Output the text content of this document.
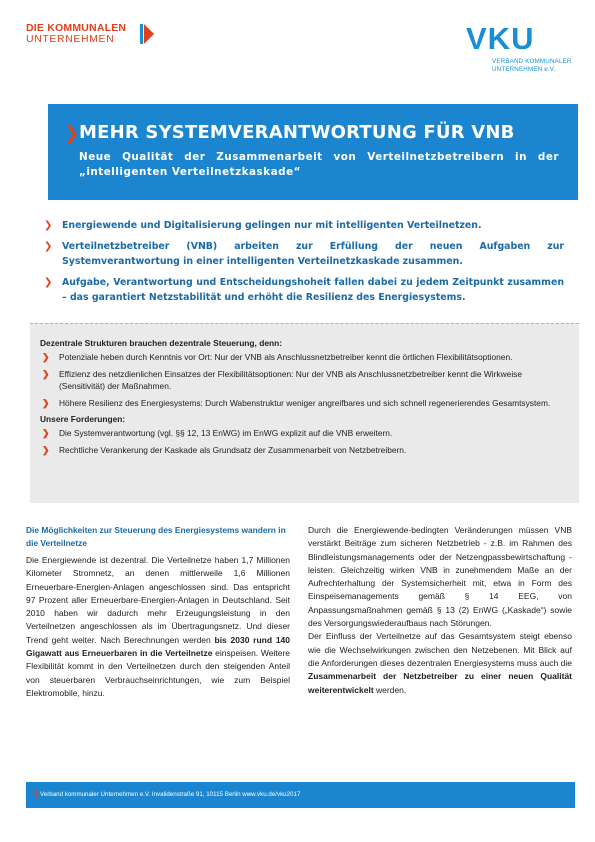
DIE KOMMUNALEN
UNTERNEHMEN	VKU
VERBAND KOMMUNALER
UNTERNEHMEN e.V.
❯ MEHR SYSTEMVERANTWORTUNG FÜR VNB

Neue Qualität der Zusammenarbeit von Verteilnetzbetreibern in der „intelligenten Verteilnetzkaskade“

❯ Energiewende und Digitalisierung gelingen nur mit intelligenten Verteilnetzen.
❯ Verteilnetzbetreiber (VNB) arbeiten zur Erfüllung der neuen Aufgaben zur Systemverantwortung in einer intelligenten Verteilnetzkaskade zusammen.
❯ Aufgabe, Verantwortung und Entscheidungshoheit fallen dabei zu jedem Zeitpunkt zusammen – das garantiert Netzstabilität und erhöht die Resilienz des Energiesystems.
Dezentrale Strukturen brauchen dezentrale Steuerung, denn:
❯ Potenziale heben durch Kenntnis vor Ort: Nur der VNB als Anschlussnetzbetreiber kennt die örtlichen Flexibilitätsoptionen.
❯ Effizienz des netzdienlichen Einsatzes der Flexibilitätsoptionen: Nur der VNB als Anschlussnetzbetreiber kennt die Wirkweise (Sensitivität) der Maßnahmen.
❯ Höhere Resilienz des Energiesystems: Durch Wabenstruktur weniger angreifbares und sich schnell regenerierendes Gesamtsystem.
Unsere Forderungen:
❯ Die Systemverantwortung (vgl. §§ 12, 13 EnWG) im EnWG explizit auf die VNB erweitern.
❯ Rechtliche Verankerung der Kaskade als Grundsatz der Zusammenarbeit von Netzbetreibern.
Die Möglichkeiten zur Steuerung des Energiesystems wandern in die Verteilnetze

Die Energiewende ist dezentral. Die Verteilnetze haben 1,7 Millionen Kilometer Stromnetz, an denen mittlerweile 1,6 Millionen Erneuerbare-Energien-Anlagen angeschlossen sind. Das entspricht 97 Prozent aller Erneuerbare-Energien-Anlagen in Deutschland. Seit 2010 haben wir dadurch mehr Erzeugungsleistung in den Verteilnetzen angeschlossen als im Übertragungsnetz. Und dieser Trend geht weiter. Nach Berechnungen werden bis 2030 rund 140 Gigawatt aus Erneuerbaren in die Verteilnetze einspeisen. Weitere Flexibilität kommt in den Verteilnetzen durch den steigenden Anteil von steuerbaren Verbrauchseinrichtungen, wie zum Beispiel Elektromobile, hinzu.

Durch die Energiewende-bedingten Veränderungen müssen VNB verstärkt Beiträge zum sicheren Netzbetrieb - z.B. im Rahmen des Blindleistungsmanagements oder der Netzengpassbewirtschaftung - leisten. Gleichzeitig wirken VNB in zunehmendem Maße an der Aufrechterhaltung der Systemsicherheit mit, etwa in Form des Einspeisemanagements gemäß § 14 EEG, von Anpassungsmaßnahmen gemäß § 13 (2) EnWG („Kaskade“) sowie des Versorgungswiederaufbaus nach Störungen.

Der Einfluss der Verteilnetze auf das Gesamtsystem steigt ebenso wie die Wechselwirkungen zwischen den Netzebenen. Mit Blick auf die Anforderungen dieses dezentralen Energiesystems muss auch die Zusammenarbeit der Netzbetreiber zu einer neuen Qualität weiterentwickelt werden.

❯ Verband kommunaler Unternehmen e.V. Invalidenstraße 91, 10115 Berlin www.vku.de/vku2017
